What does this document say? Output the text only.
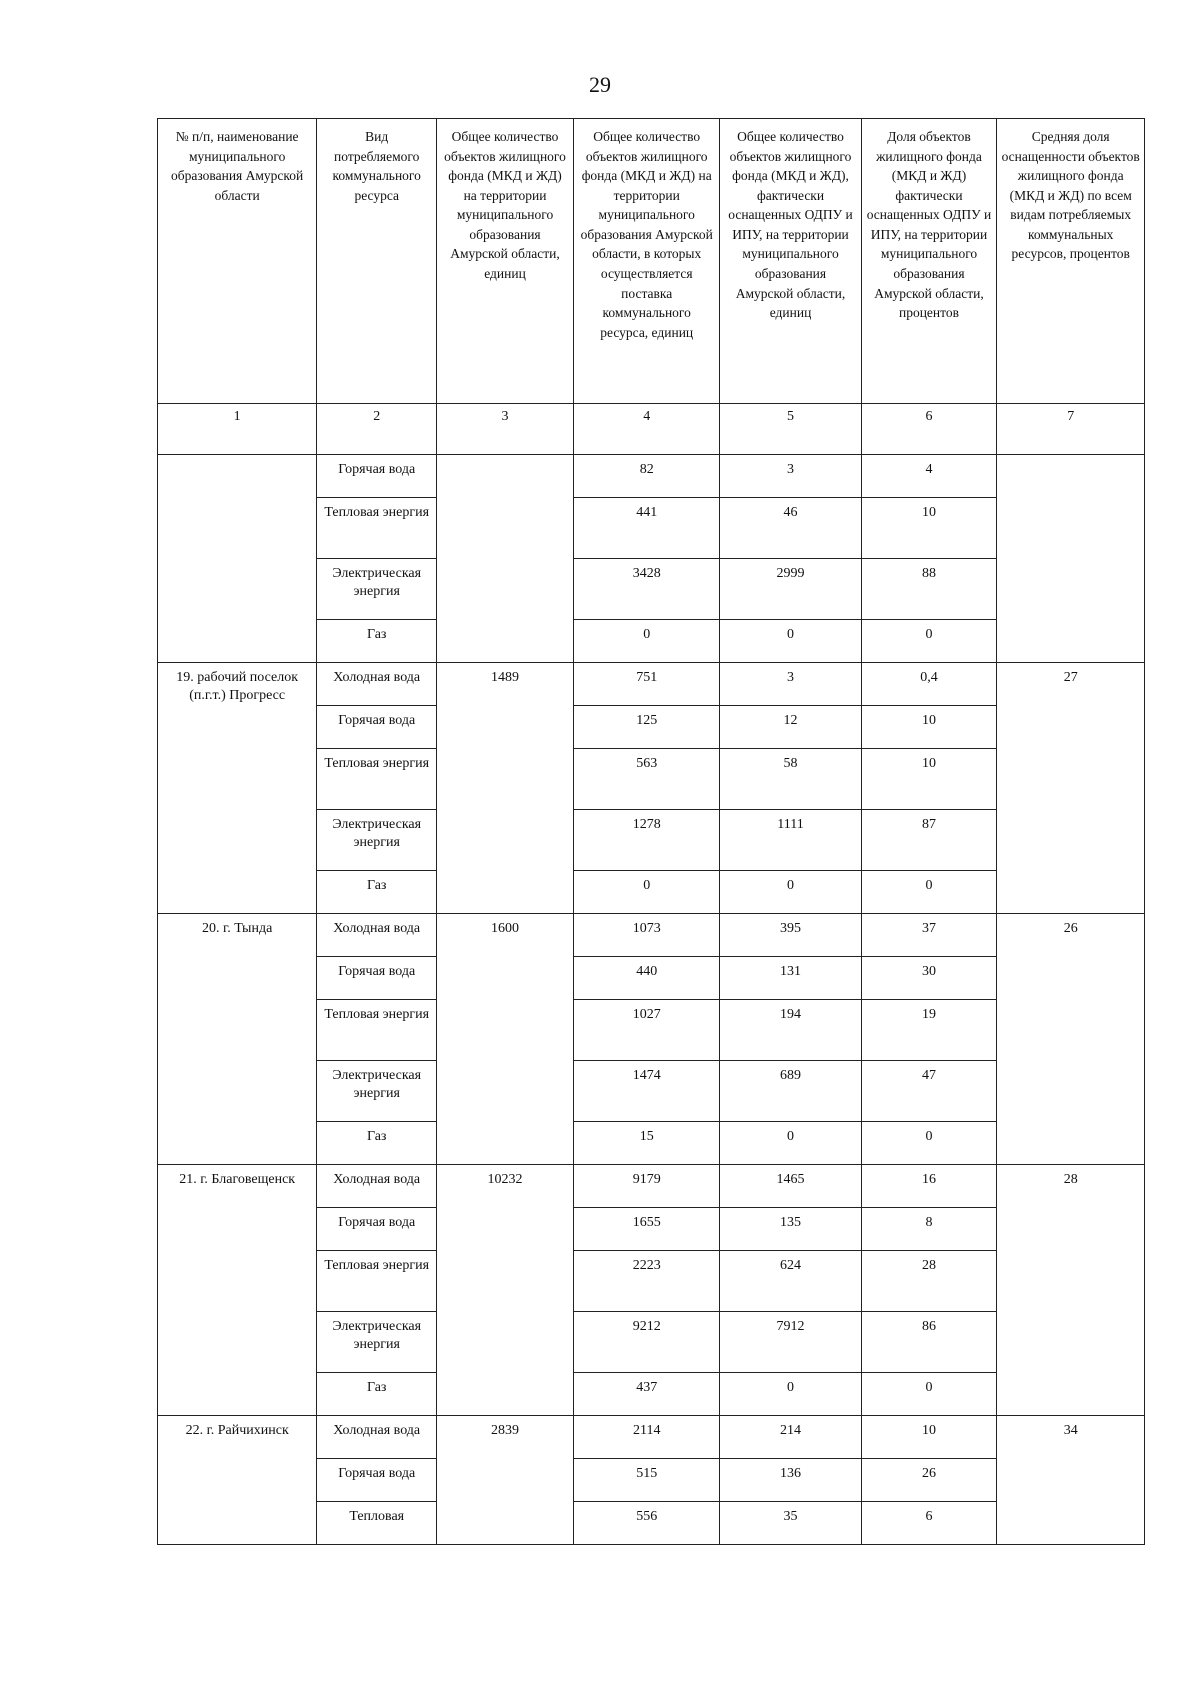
29
№ п/п, наименование муниципального образования Амурской области	Вид потребляемого коммунального ресурса	Общее количество объектов жилищного фонда (МКД и ЖД) на территории муниципального образования Амурской области, единиц	Общее количество объектов жилищного фонда (МКД и ЖД) на территории муниципального образования Амурской области, в которых осуществляется поставка коммунального ресурса, единиц	Общее количество объектов жилищного фонда (МКД и ЖД), фактически оснащенных ОДПУ и ИПУ, на территории муниципального образования Амурской области, единиц	Доля объектов жилищного фонда (МКД и ЖД) фактически оснащенных ОДПУ и ИПУ, на территории муниципального образования Амурской области, процентов	Средняя доля оснащенности объектов жилищного фонда (МКД и ЖД) по всем видам потребляемых коммунальных ресурсов, процентов
1	2	3	4	5	6	7
	Горячая вода		82	3	4	
	Тепловая энергия		441	46	10	
	Электрическая энергия		3428	2999	88	
	Газ		0	0	0	
19. рабочий поселок (п.г.т.) Прогресс	Холодная вода	1489	751	3	0,4	27
	Горячая вода		125	12	10	
	Тепловая энергия		563	58	10	
	Электрическая энергия		1278	1111	87	
	Газ		0	0	0	
20. г. Тында	Холодная вода	1600	1073	395	37	26
	Горячая вода		440	131	30	
	Тепловая энергия		1027	194	19	
	Электрическая энергия		1474	689	47	
	Газ		15	0	0	
21. г. Благовещенск	Холодная вода	10232	9179	1465	16	28
	Горячая вода		1655	135	8	
	Тепловая энергия		2223	624	28	
	Электрическая энергия		9212	7912	86	
	Газ		437	0	0	
22. г. Райчихинск	Холодная вода	2839	2114	214	10	34
	Горячая вода		515	136	26	
	Тепловая		556	35	6	
